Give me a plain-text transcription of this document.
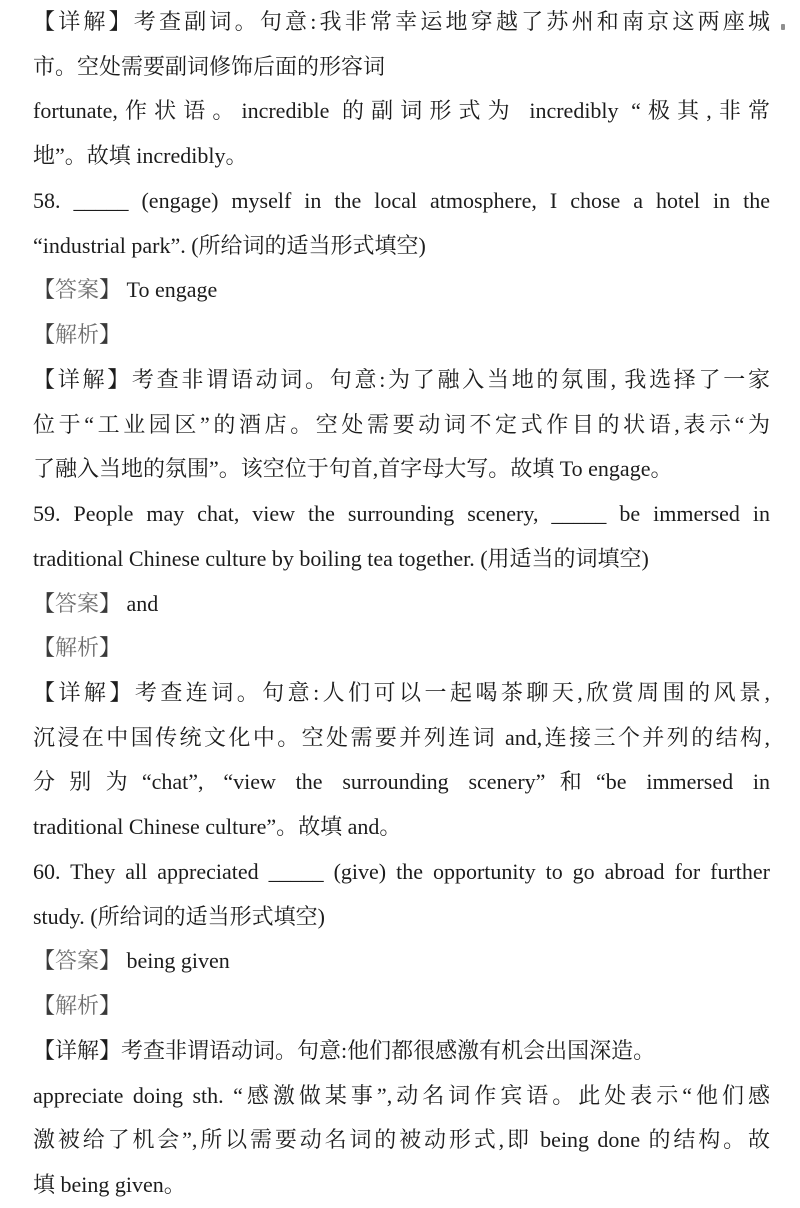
【详解】考查副词。句意:我非常幸运地穿越了苏州和南京这两座城
市。空处需要副词修饰后面的形容词
fortunate,作状语。incredible 的副词形式为 incredibly “极其,非常
地”。故填 incredibly。
58. _____ (engage) myself in the local atmosphere, I chose a hotel in the
“industrial park”. (所给词的适当形式填空)
【答案】 To engage
【解析】
【详解】考查非谓语动词。句意:为了融入当地的氛围, 我选择了一家
位于“工业园区”的酒店。空处需要动词不定式作目的状语,表示“为
了融入当地的氛围”。该空位于句首,首字母大写。故填 To engage。
59. People may chat, view the surrounding scenery, _____ be immersed in
traditional Chinese culture by boiling tea together. (用适当的词填空)
【答案】 and
【解析】
【详解】考查连词。句意:人们可以一起喝茶聊天,欣赏周围的风景,
沉浸在中国传统文化中。空处需要并列连词 and,连接三个并列的结构,
分别为“chat”, “view the surrounding scenery”和“be immersed in
traditional Chinese culture”。故填 and。
60. They all appreciated _____ (give) the opportunity to go abroad for further
study. (所给词的适当形式填空)
【答案】 being given
【解析】
【详解】考查非谓语动词。句意:他们都很感激有机会出国深造。
appreciate doing sth. “感激做某事”,动名词作宾语。此处表示“他们感
激被给了机会”,所以需要动名词的被动形式,即 being done 的结构。故
填 being given。
